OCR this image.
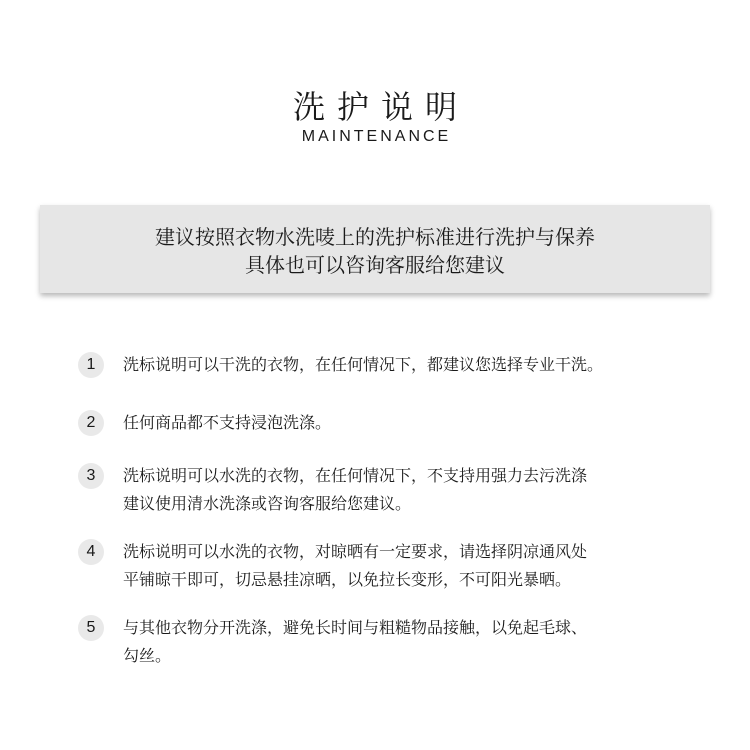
洗护说明
MAINTENANCE
建议按照衣物水洗唛上的洗护标准进行洗护与保养
具体也可以咨询客服给您建议
1	洗标说明可以干洗的衣物，在任何情况下，都建议您选择专业干洗。
2	任何商品都不支持浸泡洗涤。
3	洗标说明可以水洗的衣物，在任何情况下，不支持用强力去污洗涤
建议使用清水洗涤或咨询客服给您建议。
4	洗标说明可以水洗的衣物，对晾晒有一定要求，请选择阴凉通风处
平铺晾干即可，切忌悬挂凉晒，以免拉长变形，不可阳光暴晒。
5	与其他衣物分开洗涤，避免长时间与粗糙物品接触，以免起毛球、
勾丝。
